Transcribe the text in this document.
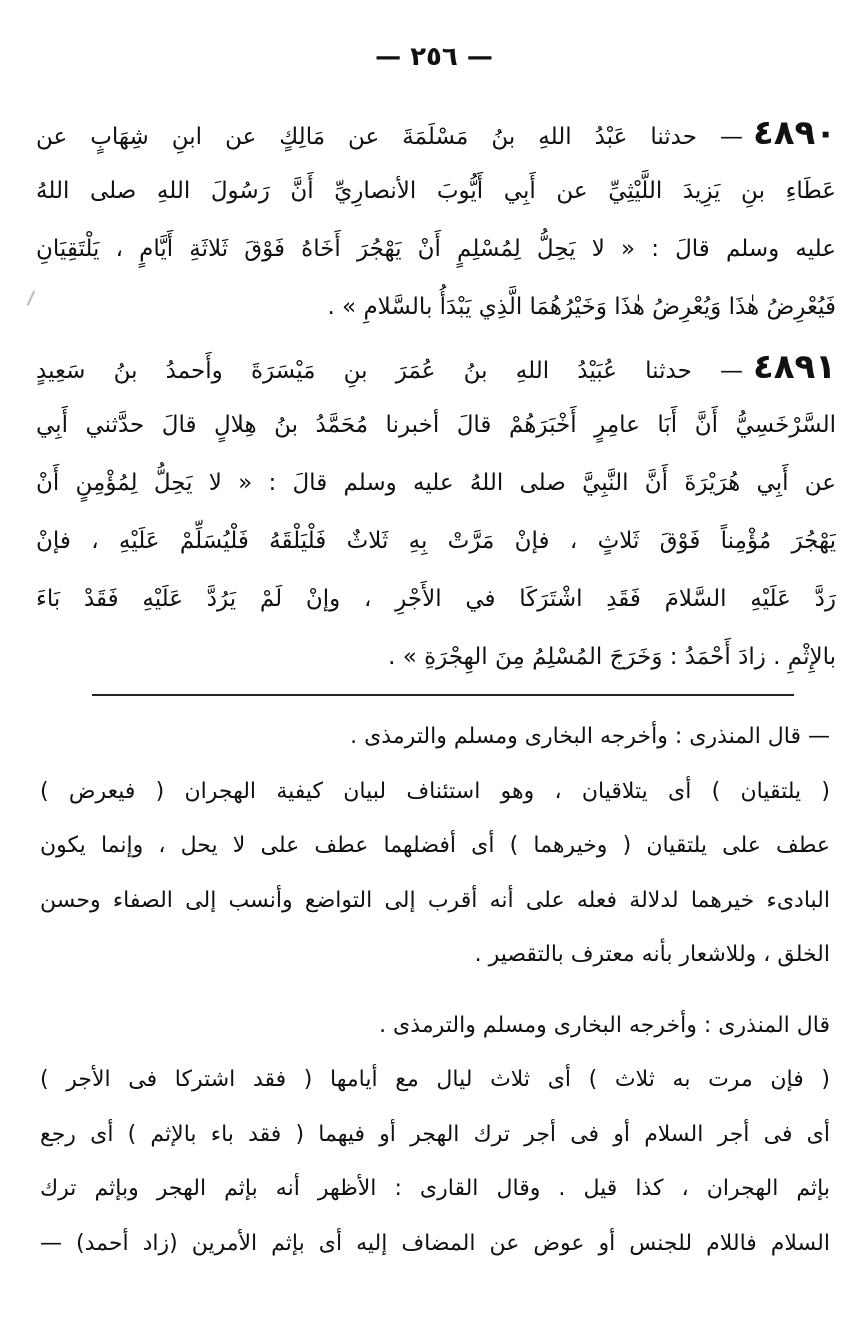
— ٢٥٦ —
٤٨٩٠— حدثنا عَبْدُ اللهِ بنُ مَسْلَمَةَ عن مَالِكٍ عن ابنِ شِهَابٍ عن
عَطَاءِ بنِ يَزِيدَ اللَّيْثِيِّ عن أَبِي أَيُّوبَ الأنصارِيِّ أَنَّ رَسُولَ اللهِ صلى اللهُ
عليه وسلم قالَ : « لا يَحِلُّ لِمُسْلِمٍ أَنْ يَهْجُرَ أَخَاهُ فَوْقَ ثَلاثَةِ أَيَّامٍ ، يَلْتَقِيَانِ
فَيُعْرِضُ هٰذَا وَيُعْرِضُ هٰذَا وَخَيْرُهُمَا الَّذِي يَبْدَأُ بالسَّلامِ » .
٤٨٩١— حدثنا عُبَيْدُ اللهِ بنُ عُمَرَ بنِ مَيْسَرَةَ وأَحمدُ بنُ سَعِيدٍ
السَّرْخَسِيُّ أَنَّ أَبَا عامِرٍ أَخْبَرَهُمْ قالَ أخبرنا مُحَمَّدُ بنُ هِلالٍ قالَ حدَّثني أَبِي
عن أَبِي هُرَيْرَةَ أَنَّ النَّبِيَّ صلى اللهُ عليه وسلم قالَ : « لا يَحِلُّ لِمُؤْمِنٍ أَنْ
يَهْجُرَ مُؤْمِناً فَوْقَ ثَلاثٍ ، فإنْ مَرَّتْ بِهِ ثَلاثٌ فَلْيَلْقَهُ فَلْيُسَلِّمْ عَلَيْهِ ، فإنْ
رَدَّ عَلَيْهِ السَّلامَ فَقَدِ اشْتَرَكَا في الأَجْرِ ، وإنْ لَمْ يَرُدَّ عَلَيْهِ فَقَدْ بَاءَ
بالإِثْمِ . زادَ أَحْمَدُ : وَخَرَجَ المُسْلِمُ مِنَ الهِجْرَةِ » .
— قال المنذرى : وأخرجه البخارى ومسلم والترمذى .
( يلتقيان ) أى يتلاقيان ، وهو استئناف لبيان كيفية الهجران ( فيعرض )
عطف على يلتقيان ( وخيرهما ) أى أفضلهما عطف على لا يحل ، وإنما يكون
البادىء خيرهما لدلالة فعله على أنه أقرب إلى التواضع وأنسب إلى الصفاء وحسن
الخلق ، وللاشعار بأنه معترف بالتقصير .
قال المنذرى : وأخرجه البخارى ومسلم والترمذى .
( فإن مرت به ثلاث ) أى ثلاث ليال مع أيامها ( فقد اشتركا فى الأجر )
أى فى أجر السلام أو فى أجر ترك الهجر أو فيهما ( فقد باء بالإثم ) أى رجع
بإثم الهجران ، كذا قيل . وقال القارى : الأظهر أنه بإثم الهجر وبإثم ترك
السلام فاللام للجنس أو عوض عن المضاف إليه أى بإثم الأمرين (زاد أحمد) —
